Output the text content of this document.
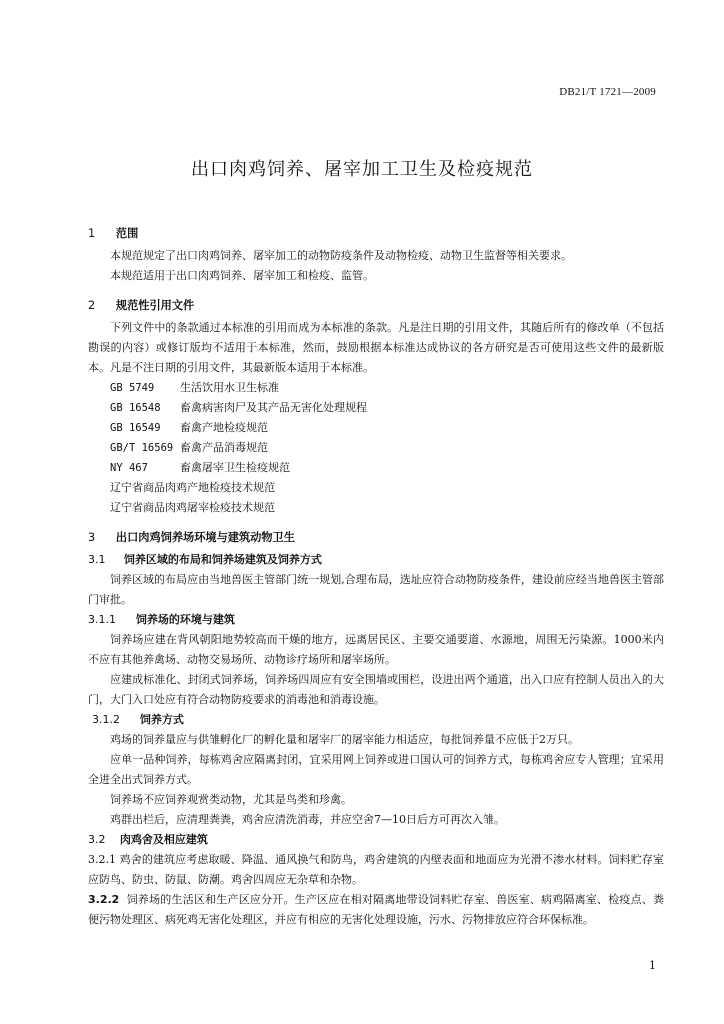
DB21/T 1721—2009
出口肉鸡饲养、屠宰加工卫生及检疫规范
1 范围

本规范规定了出口肉鸡饲养、屠宰加工的动物防疫条件及动物检疫、动物卫生监督等相关要求。

本规范适用于出口肉鸡饲养、屠宰加工和检疫、监管。

2 规范性引用文件

下列文件中的条款通过本标准的引用而成为本标准的条款。凡是注日期的引用文件，其随后所有的修改单（不包括勘误的内容）或修订版均不适用于本标准，然而，鼓励根据本标准达成协议的各方研究是否可使用这些文件的最新版本。凡是不注日期的引用文件，其最新版本适用于本标准。

GB 5749 生活饮用水卫生标准
GB 16548 畜禽病害肉尸及其产品无害化处理规程
GB 16549 畜禽产地检疫规范
GB/T 16569 畜禽产品消毒规范
NY 467	畜禽屠宰卫生检疫规范
辽宁省商品肉鸡产地检疫技术规范
辽宁省商品肉鸡屠宰检疫技术规范
3 出口肉鸡饲养场环境与建筑动物卫生
3.1 饲养区域的布局和饲养场建筑及饲养方式

饲养区域的布局应由当地兽医主管部门统一规划,合理布局，选址应符合动物防疫条件，建设前应经当地兽医主管部门审批。

3.1.1 饲养场的环境与建筑

饲养场应建在背风朝阳地势较高而干燥的地方，远离居民区、主要交通要道、水源地，周围无污染源。1000米内不应有其他养禽场、动物交易场所、动物诊疗场所和屠宰场所。

应建成标准化、封闭式饲养场，饲养场四周应有安全围墙或围栏，设进出两个通道，出入口应有控制人员出入的大门，大门入口处应有符合动物防疫要求的消毒池和消毒设施。

3.1.2 饲养方式

鸡场的饲养量应与供雏孵化厂的孵化量和屠宰厂的屠宰能力相适应，每批饲养量不应低于2万只。

应单一品种饲养，每栋鸡舍应隔离封闭，宜采用网上饲养或进口国认可的饲养方式，每栋鸡舍应专人管理；宜采用全进全出式饲养方式。

饲养场不应饲养观赏类动物，尤其是鸟类和珍禽。

鸡群出栏后，应清理粪粪，鸡舍应清洗消毒，并应空舍7—10日后方可再次入雏。

3.2 肉鸡舍及相应建筑

3.2.1 鸡舍的建筑应考虑取暖、降温、通风换气和防鸟，鸡舍建筑的内壁表面和地面应为光滑不渗水材料。饲料贮存室应防鸟、防虫、防鼠、防潮。鸡舍四周应无杂草和杂物。

3.2.2 饲养场的生活区和生产区应分开。生产区应在相对隔离地带设饲料贮存室、兽医室、病鸡隔离室、检疫点、粪便污物处理区、病死鸡无害化处理区，并应有相应的无害化处理设施，污水、污物排放应符合环保标准。

1
